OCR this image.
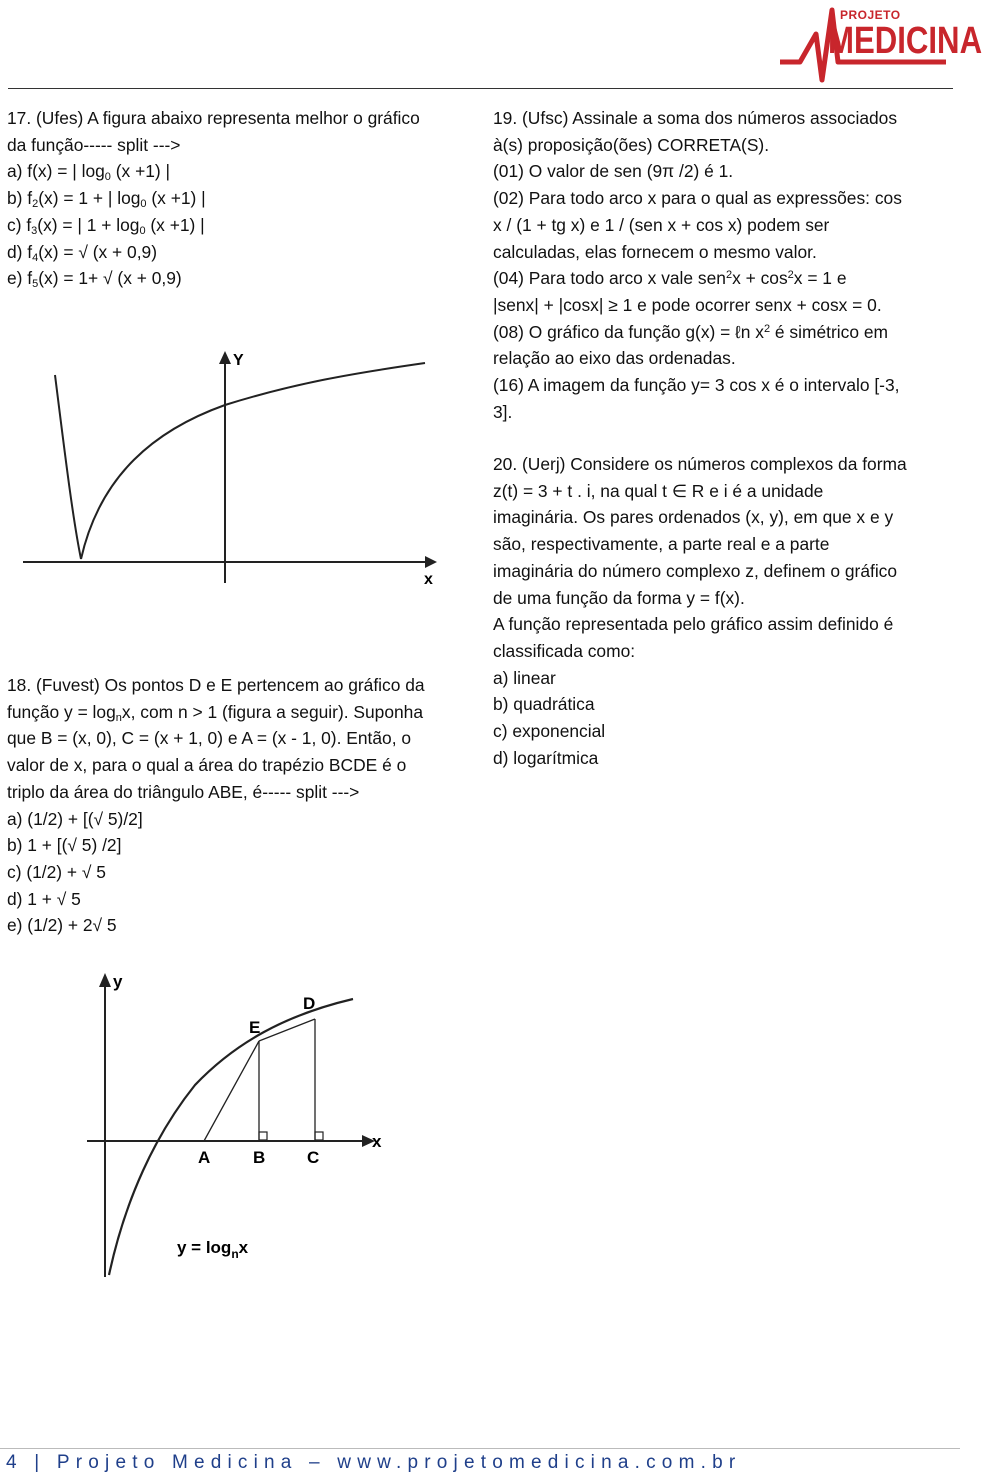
PROJETO
MEDICINA
17. (Ufes) A figura abaixo representa melhor o gráfico
da função----- split --->
a) f(x) = | $\log_0 (x +1)$ |
b) $f_2(x) = 1$ + | $\log_0 (x +1)$ |
c) $f_3(x)$ = | $1 + \log_0 (x +1)$ |
d) $f_4(x)$ = √ (x + 0,9)
e) $f_5(x) = 1+$ √ (x + 0,9)
Y
x
18. (Fuvest) Os pontos D e E pertencem ao gráfico da
função $y = \log_nx$, com n > 1 (figura a seguir). Suponha
que B = (x, 0), C = (x + 1, 0) e A = (x - 1, 0). Então, o
valor de x, para o qual a área do trapézio BCDE é o
triplo da área do triângulo ABE, é----- split --->
a) (1/2) + [(√ 5)/2]
b) 1 + [(√ 5) /2]
c) (1/2) + √ 5
d) 1 + √ 5
e) (1/2) + 2√ 5
y
x
A	B C
E
D
$y = \log_nx$
19. (Ufsc) Assinale a soma dos números associados
à(s) proposição(ões) CORRETA(S).
(01) O valor de sen (9π /2) é 1.
(02) Para todo arco x para o qual as expressões: cos
x / (1 + tg x) e 1 / (sen x + cos x) podem ser
calculadas, elas fornecem o mesmo valor.
(04) Para todo arco x vale $sen^2x + \cos^2x = 1$ e
|senx| + |cosx| ≥ 1 e pode ocorrer senx + cosx = 0.
(08) O gráfico da função g(x) = ℓn $x^2$ é simétrico em
relação ao eixo das ordenadas.
(16) A imagem da função y= 3 cos x é o intervalo [-3,
3].
20. (Uerj) Considere os números complexos da forma
z(t) = 3 + t . i, na qual t ∈ R e i é a unidade
imaginária. Os pares ordenados (x, y), em que x e y
são, respectivamente, a parte real e a parte
imaginária do número complexo z, definem o gráfico
de uma função da forma y = f(x).
A função representada pelo gráfico assim definido é
classificada como:
a) linear
b) quadrática
c) exponencial
d) logarítmica
4 | Projeto Medicina – www.projetomedicina.com.br
